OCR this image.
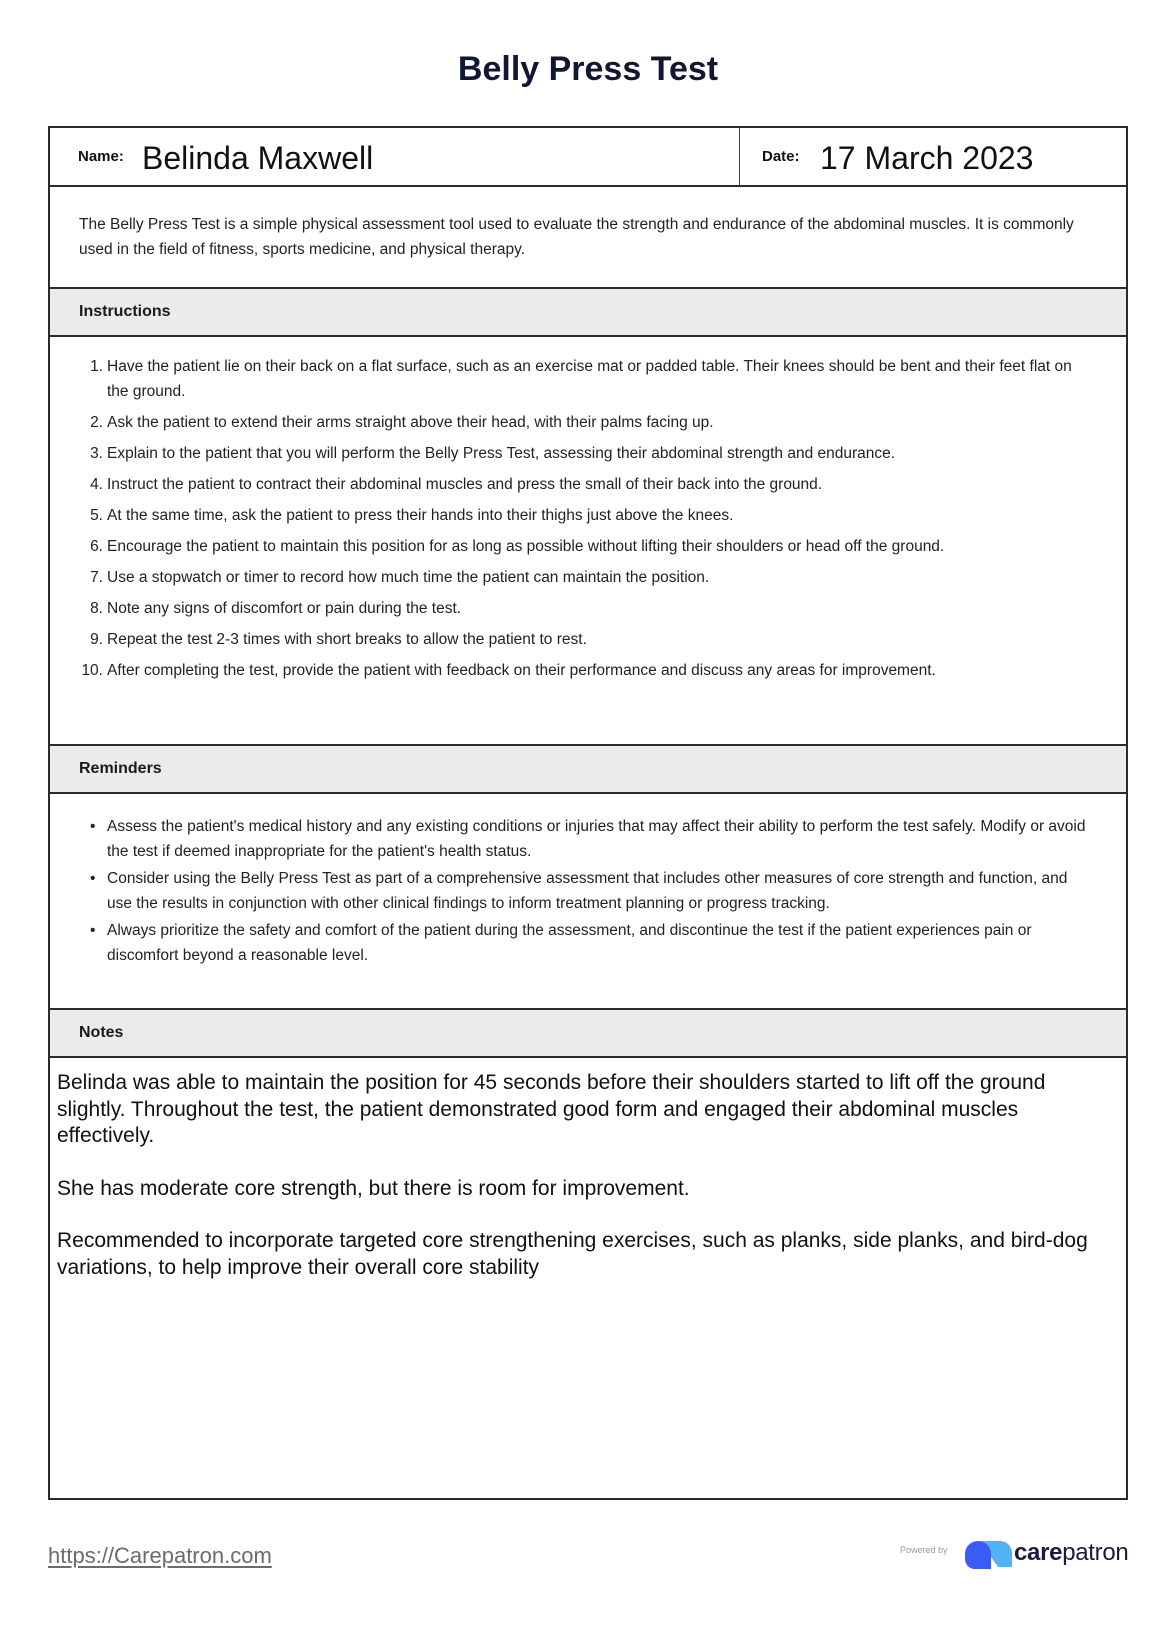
Belly Press Test
Name: Belinda Maxwell	Date: 17 March 2023
The Belly Press Test is a simple physical assessment tool used to evaluate the strength and endurance of the abdominal muscles. It is commonly used in the field of fitness, sports medicine, and physical therapy.
Instructions
1. Have the patient lie on their back on a flat surface, such as an exercise mat or padded table. Their knees should be bent and their feet flat on the ground.
2. Ask the patient to extend their arms straight above their head, with their palms facing up.
3. Explain to the patient that you will perform the Belly Press Test, assessing their abdominal strength and endurance.
4. Instruct the patient to contract their abdominal muscles and press the small of their back into the ground.
5. At the same time, ask the patient to press their hands into their thighs just above the knees.
6. Encourage the patient to maintain this position for as long as possible without lifting their shoulders or head off the ground.
7. Use a stopwatch or timer to record how much time the patient can maintain the position.
8. Note any signs of discomfort or pain during the test.
9. Repeat the test 2-3 times with short breaks to allow the patient to rest.
10. After completing the test, provide the patient with feedback on their performance and discuss any areas for improvement.
Reminders
• Assess the patient's medical history and any existing conditions or injuries that may affect their ability to perform the test safely. Modify or avoid the test if deemed inappropriate for the patient's health status.
• Consider using the Belly Press Test as part of a comprehensive assessment that includes other measures of core strength and function, and use the results in conjunction with other clinical findings to inform treatment planning or progress tracking.
• Always prioritize the safety and comfort of the patient during the assessment, and discontinue the test if the patient experiences pain or discomfort beyond a reasonable level.
Notes

Belinda was able to maintain the position for 45 seconds before their shoulders started to lift off the ground slightly. Throughout the test, the patient demonstrated good form and engaged their abdominal muscles effectively.

She has moderate core strength, but there is room for improvement.

Recommended to incorporate targeted core strengthening exercises, such as planks, side planks, and bird-dog variations, to help improve their overall core stability

https://Carepatron.com	Powered by	carepatron
